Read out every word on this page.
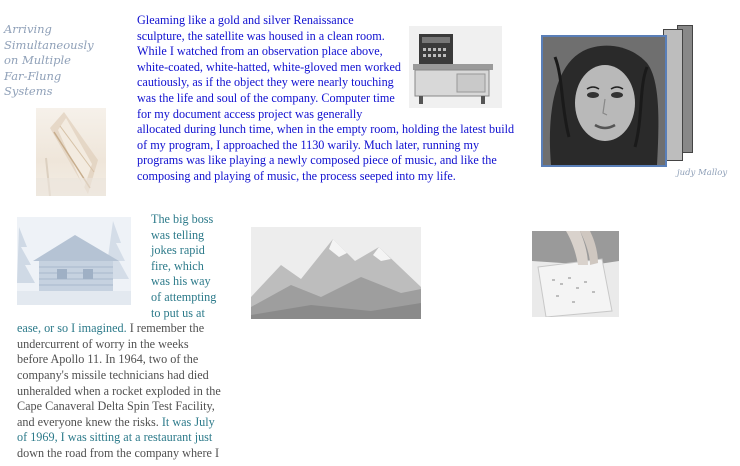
Arriving
Simultaneously
on Multiple
Far-Flung
Systems
Gleaming like a gold and silver Renaissance
sculpture, the satellite was housed in a clean room.
While I watched from an observation place above,
white-coated, white-hatted, white-gloved men worked
cautiously, as if the object they were nearly touching
was the life and soul of the company. Computer time
for my document access project was generally
allocated during lunch time, when in the empty room, holding the latest build
of my program, I approached the 1130 warily. Much later, running my
programs was like playing a newly composed piece of music, and like the
composing and playing of music, the process seeped into my life.	judy Malloy
The big boss
was telling
jokes rapid
fire, which
was his way
of attempting
to put us at
ease, or so I imagined. I remember the
undercurrent of worry in the weeks
before Apollo 11. In 1964, two of the
company's missile technicians had died
unheralded when a rocket exploded in the
Cape Canaveral Delta Spin Test Facility,
and everyone knew the risks. It was July
of 1969, I was sitting at a restaurant just
down the road from the company where I
